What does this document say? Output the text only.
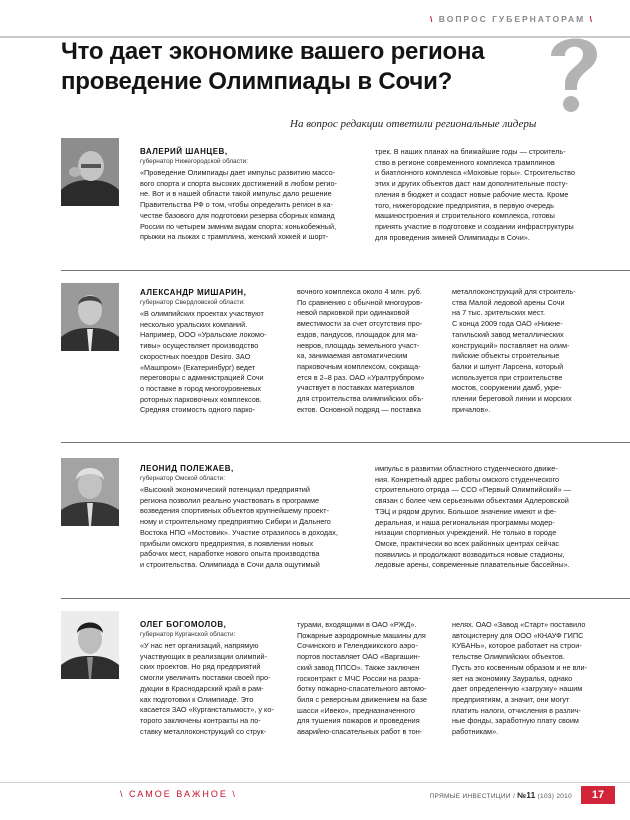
\ ВОПРОС ГУБЕРНАТОРАМ \
Что дает экономике вашего региона проведение Олимпиады в Сочи?
На вопрос редакции ответили региональные лидеры
ВАЛЕРИЙ ШАНЦЕВ,
губернатор Нижегородской области:

«Проведение Олимпиады дает импульс развитию массо-

вого спорта и спорта высоких достижений в любом регио-

не. Вот и в нашей области такой импульс дало решение

Правительства РФ о том, чтобы определить регион в ка-

честве базового для подготовки резерва сборных команд

России по четырем зимним видам спорта: конькобежный,

прыжки на лыжах с трамплина, женский хоккей и шорт-

трек. В наших планах на ближайшие годы — строитель-

ство в регионе современного комплекса трамплинов

и биатлонного комплекса «Моховые горы». Строительство

этих и других объектов даст нам дополнительные посту-

пления в бюджет и создаст новые рабочие места. Кроме

того, нижегородские предприятия, в первую очередь

машиностроения и строительного комплекса, готовы

принять участие в подготовке и создании инфраструктуры

для проведения зимней Олимпиады в Сочи».

АЛЕКСАНДР МИШАРИН,
губернатор Свердловской области:

«В олимпийских проектах участвуют

несколько уральских компаний.

Например, ООО «Уральские локомо-

тивы» осуществляет производство

скоростных поездов Desiro. ЗАО

«Машпром» (Екатеринбург) ведет

переговоры с администрацией Сочи

о поставке в город многоуровневых

роторных парковочных комплексов.

Средняя стоимость одного парко-

вочного комплекса около 4 млн. руб.

По сравнению с обычной многоуров-

невой парковкой при одинаковой

вместимости за счет отсутствия про-

ездов, пандусов, площадок для ма-

невров, площадь земельного участ-

ка, занимаемая автоматическим

парковочным комплексом, сокраща-

ется в 2–8 раз. ОАО «Уралтрубпром»

участвует в поставках материалов

для строительства олимпийских объ-

ектов. Основной подряд — поставка

металлоконструкций для строитель-

ства Малой ледовой арены Сочи

на 7 тыс. зрительских мест.

С конца 2009 года ОАО «Нижне-

тагильский завод металлических

конструкций» поставляет на олим-

пийские объекты строительные

балки и шпунт Ларсена, который

используется при строительстве

мостов, сооружении дамб, укре-

плении береговой линии и морских

причалов».

ЛЕОНИД ПОЛЕЖАЕВ,
губернатор Омской области:

«Высокий экономический потенциал предприятий

региона позволил реально участвовать в программе

возведения спортивных объектов крупнейшему проект-

ному и строительному предприятию Сибири и Дальнего

Востока НПО «Мостовик». Участие отразилось в доходах,

прибыли омского предприятия, в появлении новых

рабочих мест, наработке нового опыта производства

и строительства. Олимпиада в Сочи дала ощутимый

импульс в развитии областного студенческого движе-

ния. Конкретный адрес работы омского студенческого

строительного отряда — ССО «Первый Олимпийский» —

связан с более чем серьезными объектами Адлеровской

ТЭЦ и рядом других. Большое значение имеют и фе-

деральная, и наша региональная программы модер-

низации спортивных учреждений. Не только в городе

Омске, практически во всех районных центрах сейчас

появились и продолжают возводиться новые стадионы,

ледовые арены, современные плавательные бассейны».

ОЛЕГ БОГОМОЛОВ,
губернатор Курганской области:

«У нас нет организаций, напрямую

участвующих в реализации олимпий-

ских проектов. Но ряд предприятий

смогли увеличить поставки своей про-

дукции в Краснодарский край в рам-

ках подготовки к Олимпиаде. Это

касается ЗАО «Курганстальмост», у ко-

торого заключены контракты на по-

ставку металлоконструкций со струк-

турами, входящими в ОАО «РЖД».

Пожарные аэродромные машины для

Сочинского и Геленджикского аэро-

портов поставляет ОАО «Варгашин-

ский завод ППСО». Также заключен

госконтракт с МЧС России на разра-

ботку пожарно-спасательного автомо-

биля с реверсным движением на базе

шасси «Ивеко», предназначенного

для тушения пожаров и проведения

аварийно-спасательных работ в тон-

нелях. ОАО «Завод «Старт» поставило

автоцистерну для ООО «КНАУФ ГИПС

КУБАНЬ», которое работает на строи-

тельстве Олимпийских объектов.

Пусть это косвенным образом и не вли-

яет на экономику Зауралья, однако

дает определенную «загрузку» нашим

предприятиям, а значит, они могут

платить налоги, отчисления в различ-

ные фонды, заработную плату своим

работникам».

\ САМОЕ ВАЖНОЕ \	ПРЯМЫЕ ИНВЕСТИЦИИ / №11 (103) 2010	17
